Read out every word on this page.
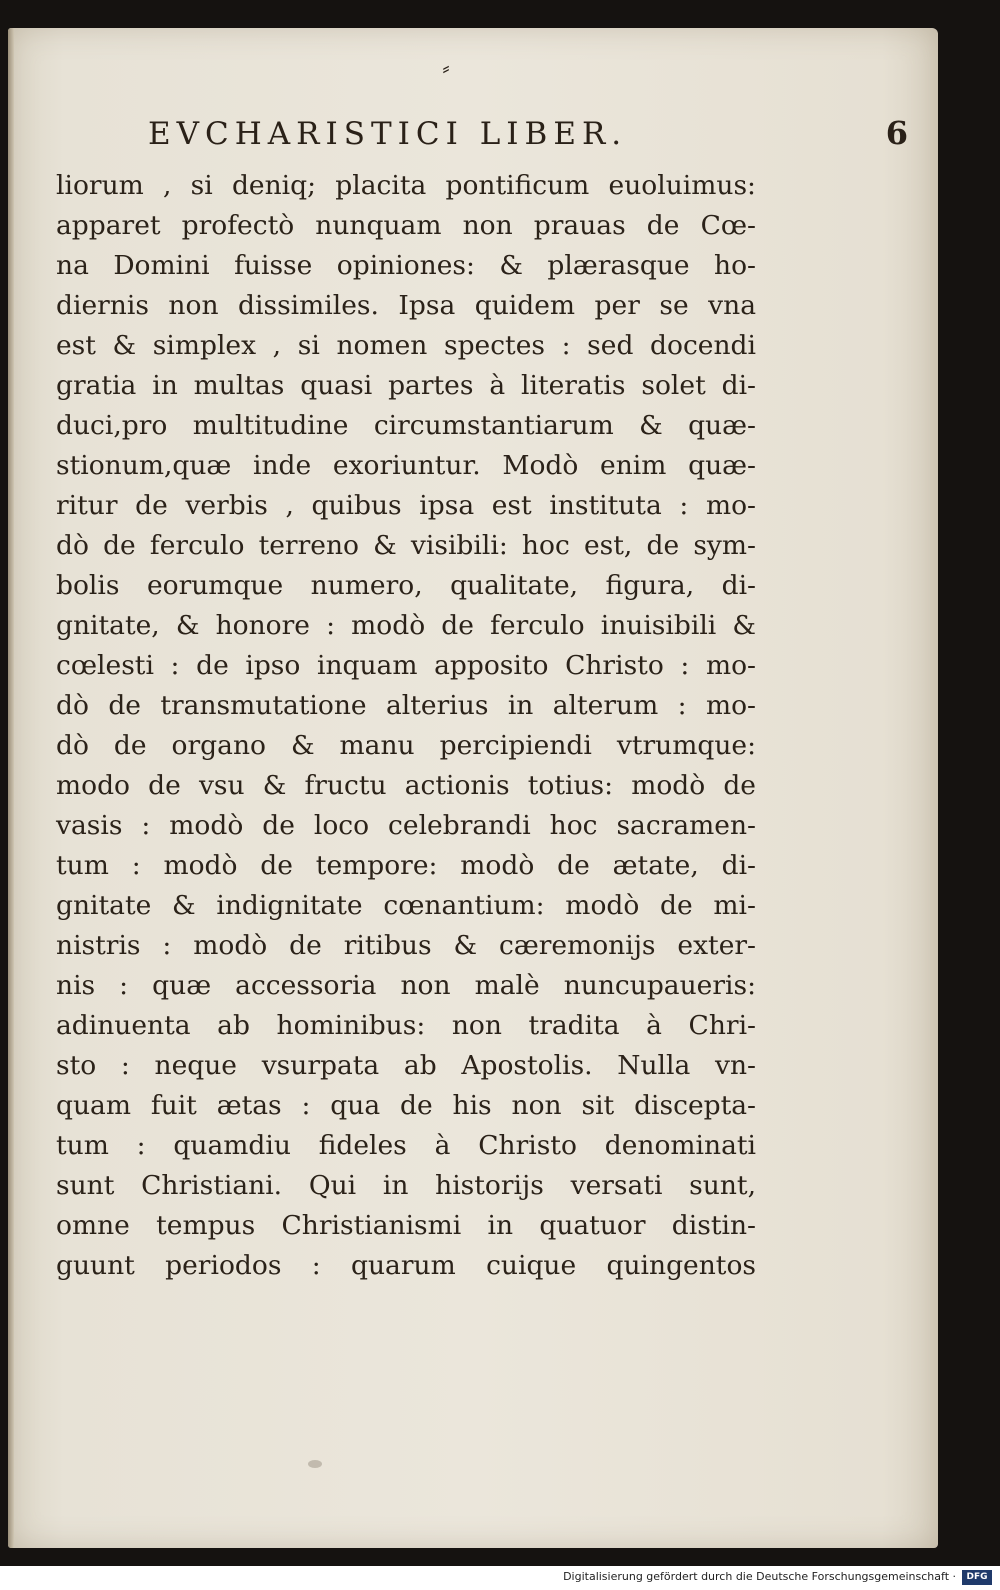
⸗
EVCHARISTICI LIBER.	6
liorum , si deniq; placita pontificum euoluimus:
apparet profectò nunquam non prauas de Cœ-
na Domini fuisse opiniones: & plærasque ho-
diernis non dissimiles. Ipsa quidem per se vna
est & simplex , si nomen spectes : sed docendi
gratia in multas quasi partes à literatis solet di-
duci,pro multitudine circumstantiarum & quæ-
stionum,quæ inde exoriuntur. Modò enim quæ-
ritur de verbis , quibus ipsa est instituta : mo-
dò de ferculo terreno & visibili: hoc est, de sym-
bolis eorumque numero, qualitate, figura, di-
gnitate, & honore : modò de ferculo inuisibili &
cœlesti : de ipso inquam apposito Christo : mo-
dò de transmutatione alterius in alterum : mo-
dò de organo & manu percipiendi vtrumque:
modo de vsu & fructu actionis totius: modò de
vasis : modò de loco celebrandi hoc sacramen-
tum : modò de tempore: modò de ætate, di-
gnitate & indignitate cœnantium: modò de mi-
nistris : modò de ritibus & cæremonijs exter-
nis : quæ accessoria non malè nuncupaueris:
adinuenta ab hominibus: non tradita à Chri-
sto : neque vsurpata ab Apostolis. Nulla vn-
quam fuit ætas : qua de his non sit disceptа-
tum : quamdiu fideles à Christo denominati
sunt Christiani. Qui in historijs versati sunt,
omne tempus Christianismi in quatuor distin-
guunt periodos : quarum cuique quingentos
Digitalisierung gefördert durch die Deutsche Forschungsgemeinschaft ·	DFG
